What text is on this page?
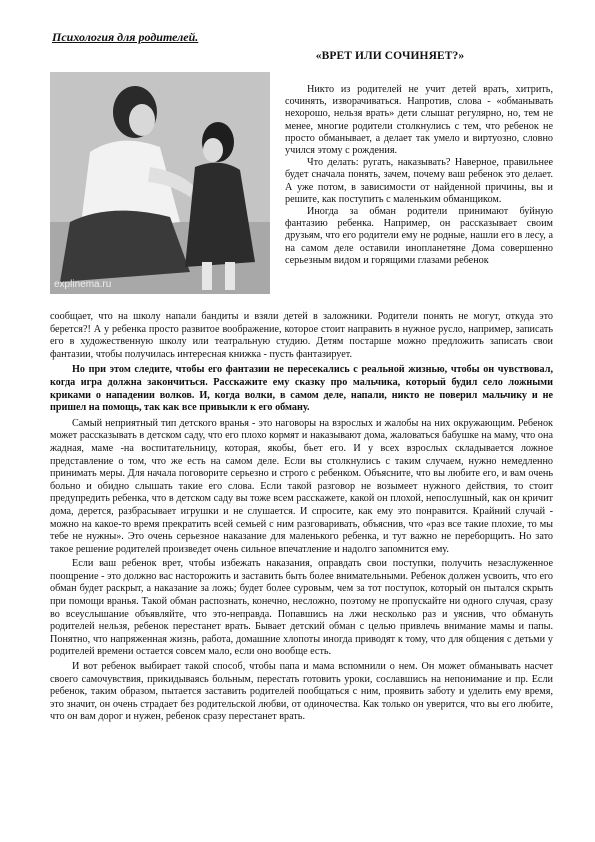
Психология для родителей.
«ВРЕТ ИЛИ СОЧИНЯЕТ?»
explinema.ru

Никто из родителей не учит детей врать, хитрить, сочинять, изворачиваться. Напротив, слова - «обманывать нехорошо, нельзя врать» дети слышат регулярно, но, тем не менее, многие родители столкнулись с тем, что ребенок не просто обманывает, а делает так умело и виртуозно, словно учился этому с рождения.

Что делать: ругать, наказывать? Наверное, правильнее будет сначала понять, зачем, почему ваш ребенок это делает. А уже потом, в зависимости от найденной причины, вы и решите, как поступить с маленьким обманщиком.

Иногда за обман родители принимают буйную фантазию ребенка. Например, он рассказывает своим друзьям, что его родители ему не родные, нашли его в лесу, а на самом деле оставили инопланетяне Дома совершенно серьезным видом и горящими глазами ребенок

сообщает, что на школу напали бандиты и взяли детей в заложники. Родители понять не могут, откуда это берется?! А у ребенка просто развитое воображение, которое стоит направить в нужное русло, например, записать его в художественную школу или театральную студию. Детям постарше можно предложить записать свои фантазии, чтобы получилась интересная книжка - пусть фантазирует.

Но при этом следите, чтобы его фантазии не пересекались с реальной жизнью, чтобы он чувствовал, когда игра должна закончиться. Расскажите ему сказку про мальчика, который будил село ложными криками о нападении волков. И, когда волки, в самом деле, напали, никто не поверил мальчику и не пришел на помощь, так как все привыкли к его обману.

Самый неприятный тип детского вранья - это наговоры на взрослых и жалобы на них окружающим. Ребенок может рассказывать в детском саду, что его плохо кормят и наказывают дома, жаловаться бабушке на маму, что она жадная, маме -на воспитательницу, которая, якобы, бьет его. И у всех взрослых складывается ложное представление о том, что же есть на самом деле. Если вы столкнулись с таким случаем, нужно немедленно принимать меры. Для начала поговорите серьезно и строго с ребенком. Объясните, что вы любите его, и вам очень больно и обидно слышать такие его слова. Если такой разговор не возымеет нужного действия, то стоит предупредить ребенка, что в детском саду вы тоже всем расскажете, какой он плохой, непослушный, как он кричит дома, дерется, разбрасывает игрушки и не слушается. И спросите, как ему это понравится. Крайний случай - можно на какое-то время прекратить всей семьей с ним разговаривать, объяснив, что «раз все такие плохие, то мы тебе не нужны». Это очень серьезное наказание для маленького ребенка, и тут важно не переборщить. Но зато такое решение родителей произведет очень сильное впечатление и надолго запомнится ему.

Если ваш ребенок врет, чтобы избежать наказания, оправдать свои поступки, получить незаслуженное поощрение - это должно вас насторожить и заставить быть более внимательными. Ребенок должен усвоить, что его обман будет раскрыт, а наказание за ложь; будет более суровым, чем за тот поступок, который он пытался скрыть при помощи вранья. Такой обман распознать, конечно, несложно, поэтому не пропускайте ни одного случая, сразу во всеуслышание объявляйте, что это-неправда. Попавшись на лжи несколько раз и уяснив, что обмануть родителей нельзя, ребенок перестанет врать. Бывает детский обман с целью привлечь внимание мамы и папы. Понятно, что напряженная жизнь, работа, домашние хлопоты иногда приводят к тому, что для общения с детьми у родителей времени остается совсем мало, если оно вообще есть.

И вот ребенок выбирает такой способ, чтобы папа и мама вспомнили о нем. Он может обманывать насчет своего самочувствия, прикидываясь больным, перестать готовить уроки, сославшись на непонимание и пр. Если ребенок, таким образом, пытается заставить родителей пообщаться с ним, проявить заботу и уделить ему время, это значит, он очень страдает без родительской любви, от одиночества. Как только он уверится, что вы его любите, что он вам дорог и нужен, ребенок сразу перестанет врать.
